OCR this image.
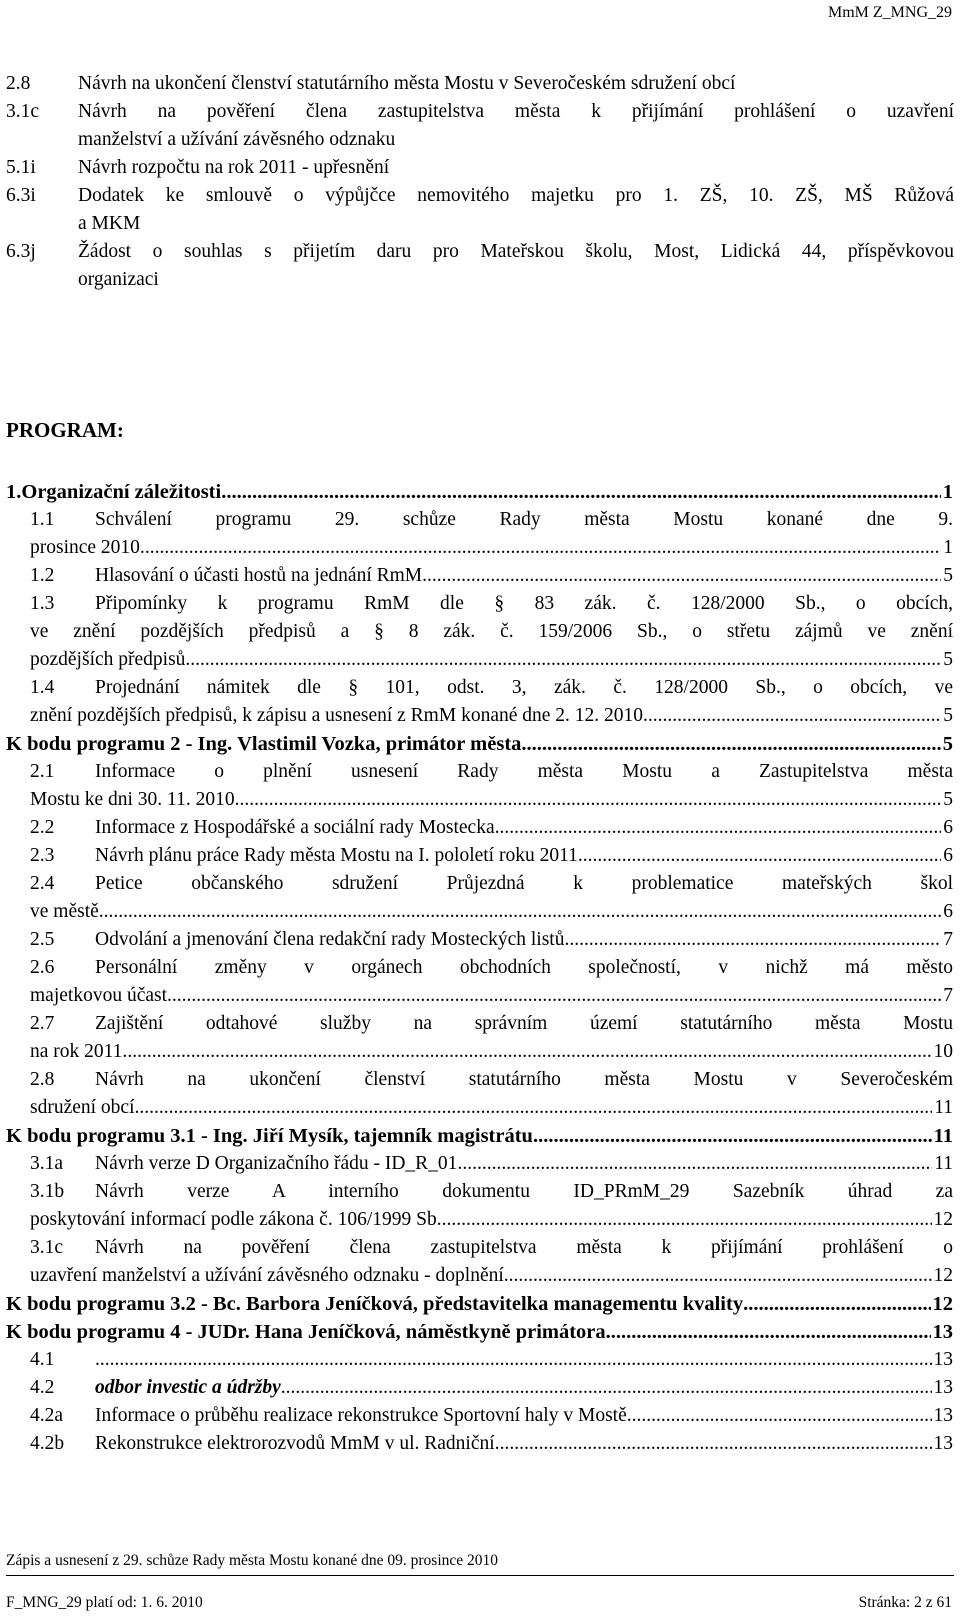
MmM Z_MNG_29
2.8	Návrh na ukončení členství statutárního města Mostu v Severočeském sdružení obcí
3.1c	Návrh na pověření člena zastupitelstva města k přijímání prohlášení o uzavření
manželství a užívání závěsného odznaku
5.1i	Návrh rozpočtu na rok 2011 - upřesnění
6.3i	Dodatek ke smlouvě o výpůjčce nemovitého majetku pro 1. ZŠ, 10. ZŠ, MŠ Růžová
a MKM
6.3j	Žádost o souhlas s přijetím daru pro Mateřskou školu, Most, Lidická 44, příspěvkovou
organizaci
PROGRAM:
1. Organizační záležitosti .....	1
1.1	Schválení programu 29. schůze Rady města Mostu konané dne 9.
prosince 2010. .....	1
1.2	Hlasování o účasti hostů na jednání RmM. .....	5
1.3	Připomínky k programu RmM dle § 83 zák. č. 128/2000 Sb., o obcích,
ve znění pozdějších předpisů a § 8 zák. č. 159/2006 Sb., o střetu zájmů ve znění
pozdějších předpisů. .....	5
1.4	Projednání námitek dle § 101, odst. 3, zák. č. 128/2000 Sb., o obcích, ve
znění pozdějších předpisů, k zápisu a usnesení z RmM konané dne 2. 12. 2010. .....	5
K bodu programu 2 - Ing. Vlastimil Vozka, primátor města .....	5
2.1	Informace o plnění usnesení Rady města Mostu a Zastupitelstva města
Mostu ke dni 30. 11. 2010. .....	5
2.2	Informace z Hospodářské a sociální rady Mostecka. .....	6
2.3	Návrh plánu práce Rady města Mostu na I. pololetí roku 2011. .....	6
2.4	Petice občanského sdružení Průjezdná k problematice mateřských škol
ve městě. .....	6
2.5	Odvolání a jmenování člena redakční rady Mosteckých listů. .....	7
2.6	Personální změny v orgánech obchodních společností, v nichž má město
majetkovou účast. .....	7
2.7	Zajištění odtahové služby na správním území statutárního města Mostu
na rok 2011. .....	10
2.8	Návrh na ukončení členství statutárního města Mostu v Severočeském
sdružení obcí. .....	11
K bodu programu 3.1 - Ing. Jiří Mysík, tajemník magistrátu .....	11
3.1a	Návrh verze D Organizačního řádu - ID_R_01. .....	11
3.1b	Návrh verze A interního dokumentu ID_PRmM_29 Sazebník úhrad za
poskytování informací podle zákona č. 106/1999 Sb. .....	12
3.1c	Návrh na pověření člena zastupitelstva města k přijímání prohlášení o
uzavření manželství a užívání závěsného odznaku - doplnění. .....	12
K bodu programu 3.2 - Bc. Barbora Jeníčková, představitelka managementu kvality .....	12
K bodu programu 4 - JUDr. Hana Jeníčková, náměstkyně primátora .....	13
4.1 .....	13
4.2	odbor investic a údržby .....	13
4.2a	Informace o průběhu realizace rekonstrukce Sportovní haly v Mostě. .....	13
4.2b	Rekonstrukce elektrorozvodů MmM v ul. Radniční. .....	13
Zápis a usnesení z 29. schůze Rady města Mostu konané dne 09. prosince 2010
F_MNG_29 platí od: 1. 6. 2010	Stránka: 2 z 61
